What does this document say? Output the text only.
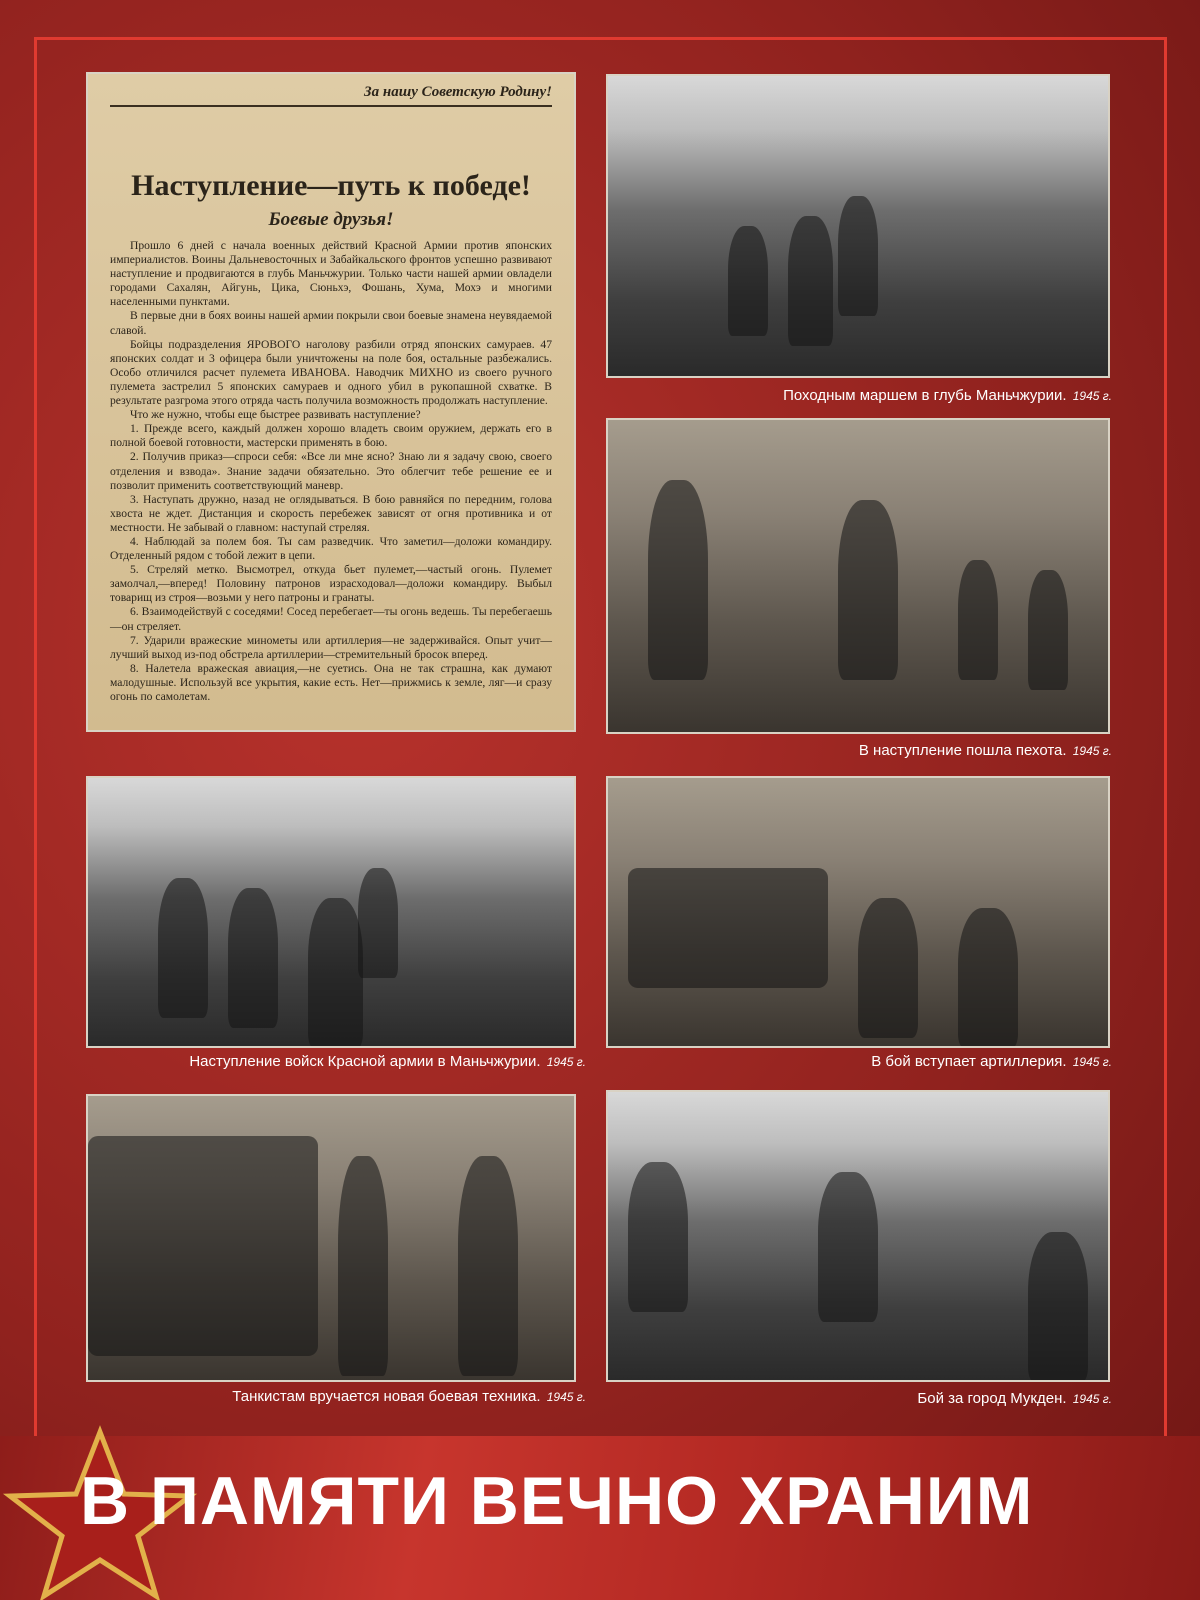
За нашу Советскую Родину!
Наступление—путь к победе!
Боевые друзья!

Прошло 6 дней с начала военных действий Красной Армии против японских империалистов. Воины Дальневосточных и Забайкальского фронтов успешно развивают наступление и продвигаются в глубь Маньчжурии. Только части нашей армии овладели городами Сахалян, Айгунь, Цика, Сюньхэ, Фошань, Хума, Мохэ и многими населенными пунктами.

В первые дни в боях воины нашей армии покрыли свои боевые знамена неувядаемой славой.

Бойцы подразделения ЯРОВОГО наголову разбили отряд японских самураев. 47 японских солдат и 3 офицера были уничтожены на поле боя, остальные разбежались. Особо отличился расчет пулемета ИВАНОВА. Наводчик МИХНО из своего ручного пулемета застрелил 5 японских самураев и одного убил в рукопашной схватке. В результате разгрома этого отряда часть получила возможность продолжать наступление.

Что же нужно, чтобы еще быстрее развивать наступление?

1. Прежде всего, каждый должен хорошо владеть своим оружием, держать его в полной боевой готовности, мастерски применять в бою.

2. Получив приказ—спроси себя: «Все ли мне ясно? Знаю ли я задачу свою, своего отделения и взвода». Знание задачи обязательно. Это облегчит тебе решение ее и позволит применить соответствующий маневр.

3. Наступать дружно, назад не оглядываться. В бою равняйся по передним, голова хвоста не ждет. Дистанция и скорость перебежек зависят от огня противника и от местности. Не забывай о главном: наступай стреляя.

4. Наблюдай за полем боя. Ты сам разведчик. Что заметил—доложи командиру. Отделенный рядом с тобой лежит в цепи.

5. Стреляй метко. Высмотрел, откуда бьет пулемет,—частый огонь. Пулемет замолчал,—вперед! Половину патронов израсходовал—доложи командиру. Выбыл товарищ из строя—возьми у него патроны и гранаты.

6. Взаимодействуй с соседями! Сосед перебегает—ты огонь ведешь. Ты перебегаешь—он стреляет.

7. Ударили вражеские минометы или артиллерия—не задерживайся. Опыт учит—лучший выход из-под обстрела артиллерии—стремительный бросок вперед.

8. Налетела вражеская авиация,—не суетись. Она не так страшна, как думают малодушные. Используй все укрытия, какие есть. Нет—прижмись к земле, ляг—и сразу огонь по самолетам.

Походным маршем в глубь Маньчжурии. 1945 г.
В наступление пошла пехота. 1945 г.
Наступление войск Красной армии в Маньчжурии. 1945 г.	В бой вступает артиллерия. 1945 г.
Танкистам вручается новая боевая техника. 1945 г.	Бой за город Мукден. 1945 г.
В ПАМЯТИ ВЕЧНО ХРАНИМ
